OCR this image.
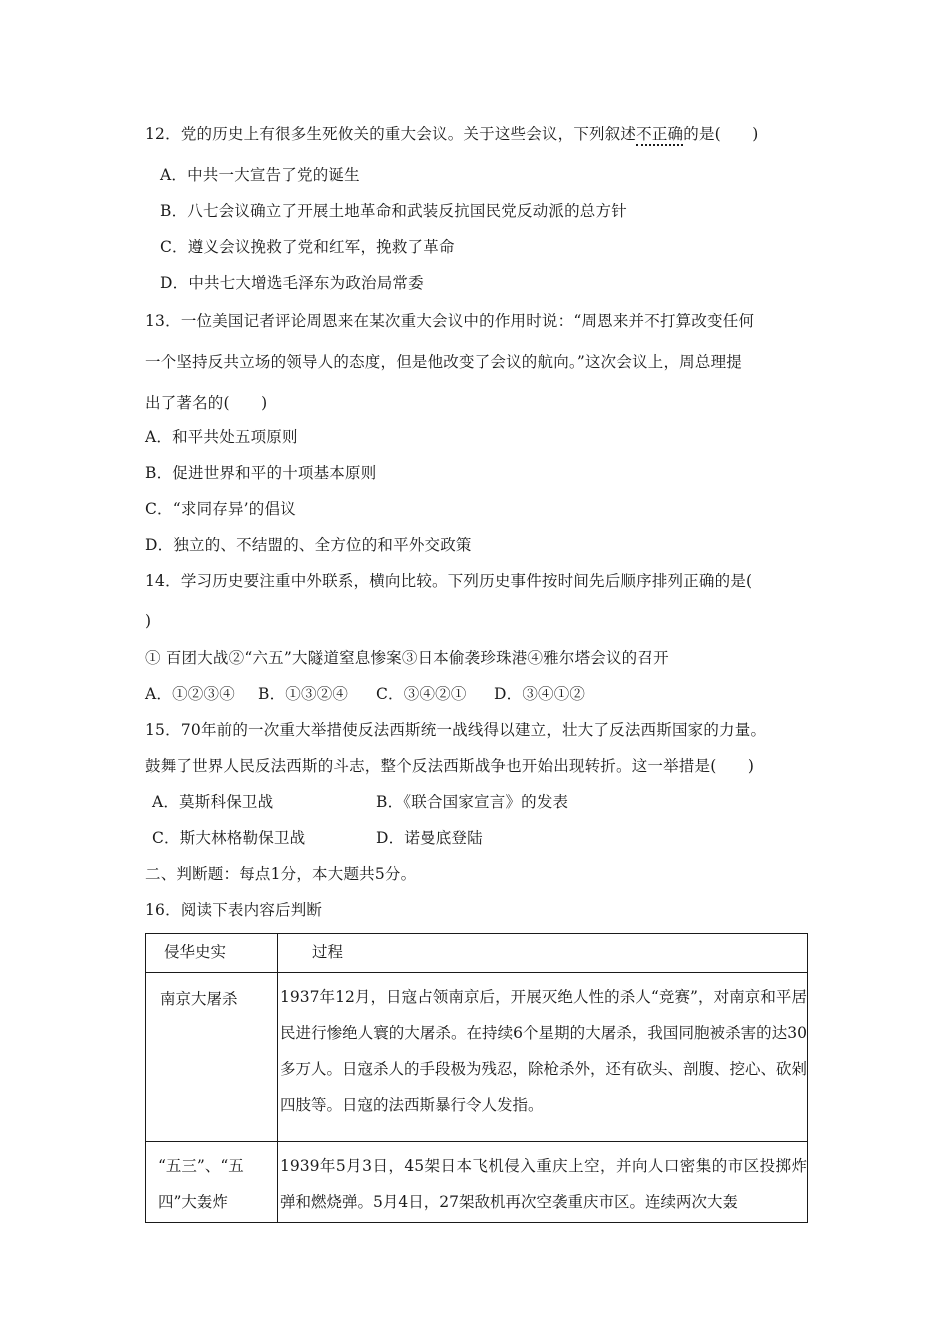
12．党的历史上有很多生死攸关的重大会议。关于这些会议，下列叙述不正确的是(　　)
A．中共一大宣告了党的诞生
B．八七会议确立了开展土地革命和武装反抗国民党反动派的总方针
C．遵义会议挽救了党和红军，挽救了革命
D．中共七大增选毛泽东为政治局常委
13．一位美国记者评论周恩来在某次重大会议中的作用时说：“周恩来并不打算改变任何
一个坚持反共立场的领导人的态度，但是他改变了会议的航向。”这次会议上，周总理提
出了著名的(　　)
A．和平共处五项原则
B．促进世界和平的十项基本原则
C．“求同存异’的倡议
D．独立的、不结盟的、全方位的和平外交政策
14．学习历史要注重中外联系，横向比较。下列历史事件按时间先后顺序排列正确的是(
)
① 百团大战②“六五”大隧道窒息惨案③日本偷袭珍珠港④雅尔塔会议的召开
A．①②③④ B．①③②④ C．③④②① D．③④①②
15．70年前的一次重大举措使反法西斯统一战线得以建立，壮大了反法西斯国家的力量。
鼓舞了世界人民反法西斯的斗志，整个反法西斯战争也开始出现转折。这一举措是(　　)
A．莫斯科保卫战	B．《联合国家宣言》的发表
C．斯大林格勒保卫战	D．诺曼底登陆
二、判断题：每点1分，本大题共5分。
16．阅读下表内容后判断
侵华史实	过程

南京大屠杀	1937年12月，日寇占领南京后，开展灭绝人性的杀人“竞赛”，对南京和平居民进行惨绝人寰的大屠杀。在持续6个星期的大屠杀，我国同胞被杀害的达30多万人。日寇杀人的手段极为残忍，除枪杀外，还有砍头、剖腹、挖心、砍剁四肢等。日寇的法西斯暴行令人发指。

“五三”、“五四”大轰炸	1939年5月3日，45架日本飞机侵入重庆上空，并向人口密集的市区投掷炸弹和燃烧弹。5月4日，27架敌机再次空袭重庆市区。连续两次大轰
